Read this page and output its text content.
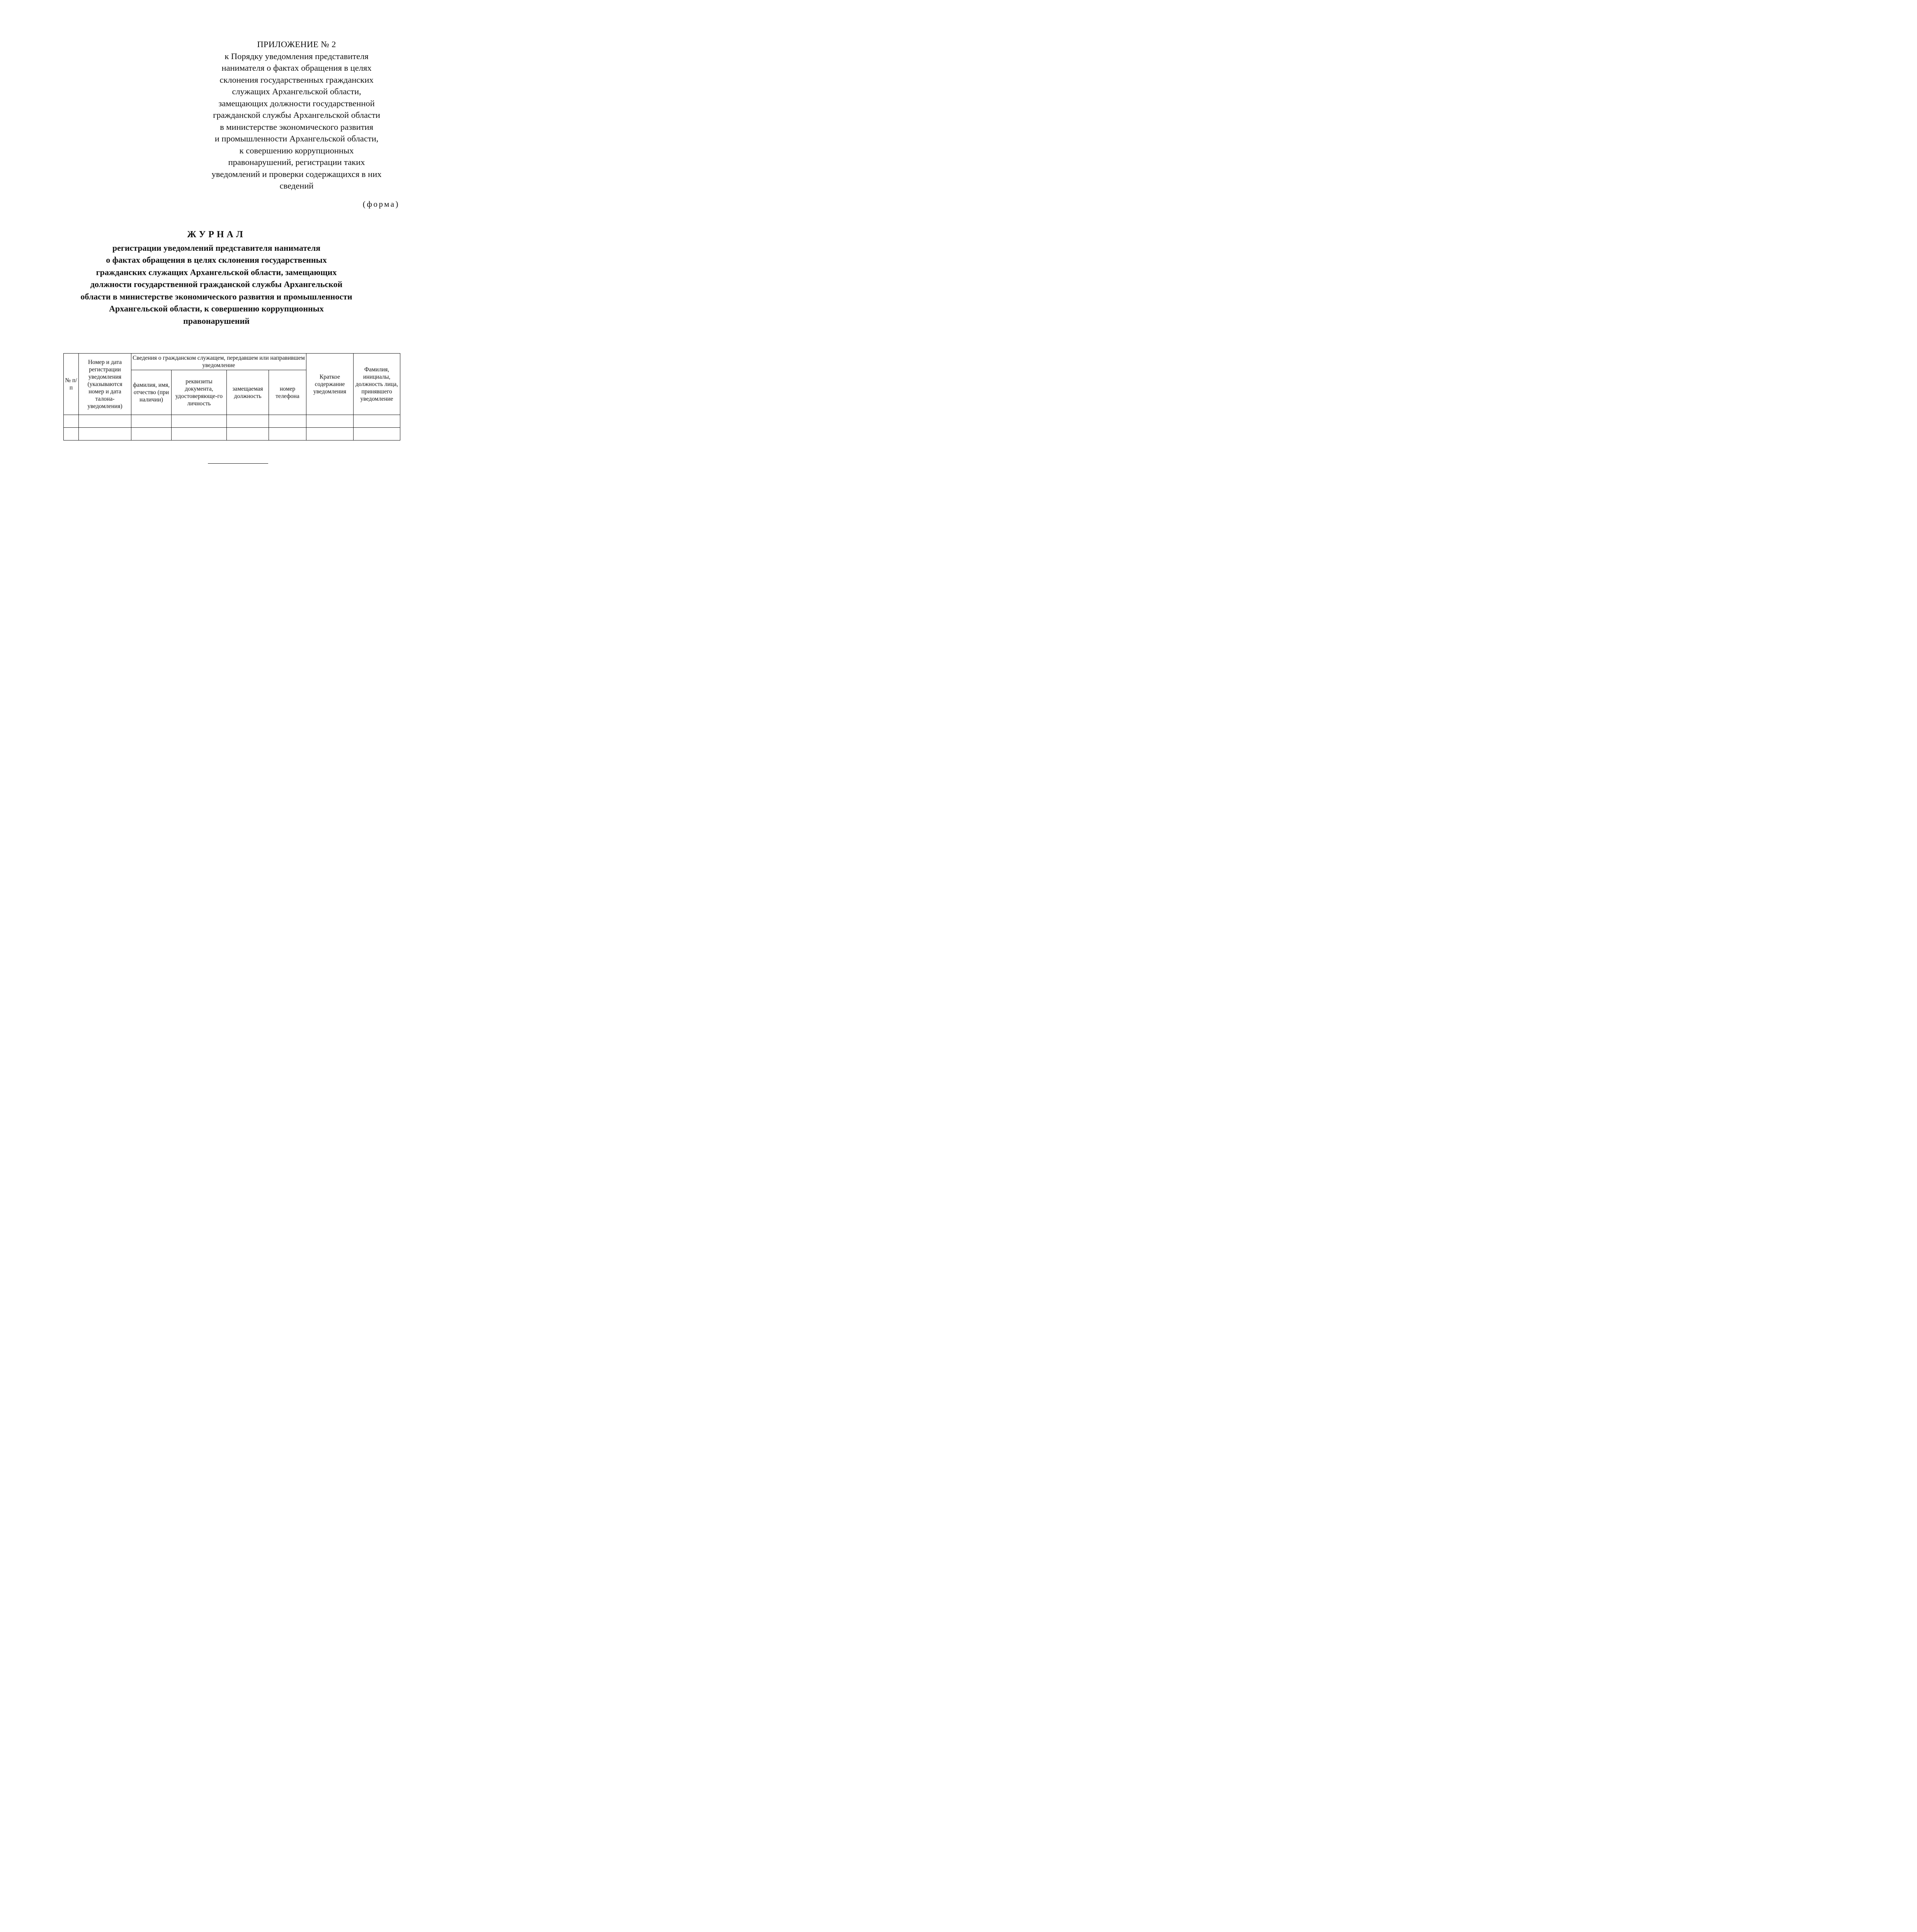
ПРИЛОЖЕНИЕ № 2
к Порядку уведомления представителя
нанимателя о фактах обращения в целях
склонения государственных гражданских
служащих Архангельской области,
замещающих должности государственной
гражданской службы Архангельской области
в министерстве экономического развития
и промышленности Архангельской области,
к совершению коррупционных
правонарушений, регистрации таких
уведомлений и проверки содержащихся в них
сведений
(форма)
ЖУРНАЛ
регистрации уведомлений представителя нанимателя
о фактах обращения в целях склонения государственных
гражданских служащих Архангельской области, замещающих
должности государственной гражданской службы Архангельской
области в министерстве экономического развития и промышленности
Архангельской области, к совершению коррупционных
правонарушений
№ п/п	Номер и дата регистрации уведомления (указываются номер и дата талона-уведомления)	Сведения о гражданском служащем, передавшем или направившем уведомление				Краткое содержание уведомления	Фамилия, инициалы, должность лица, принявшего уведомление
		фамилия, имя, отчество (при наличии)	реквизиты документа, удостоверяюще-го личность	замещаемая должность	номер телефона		
